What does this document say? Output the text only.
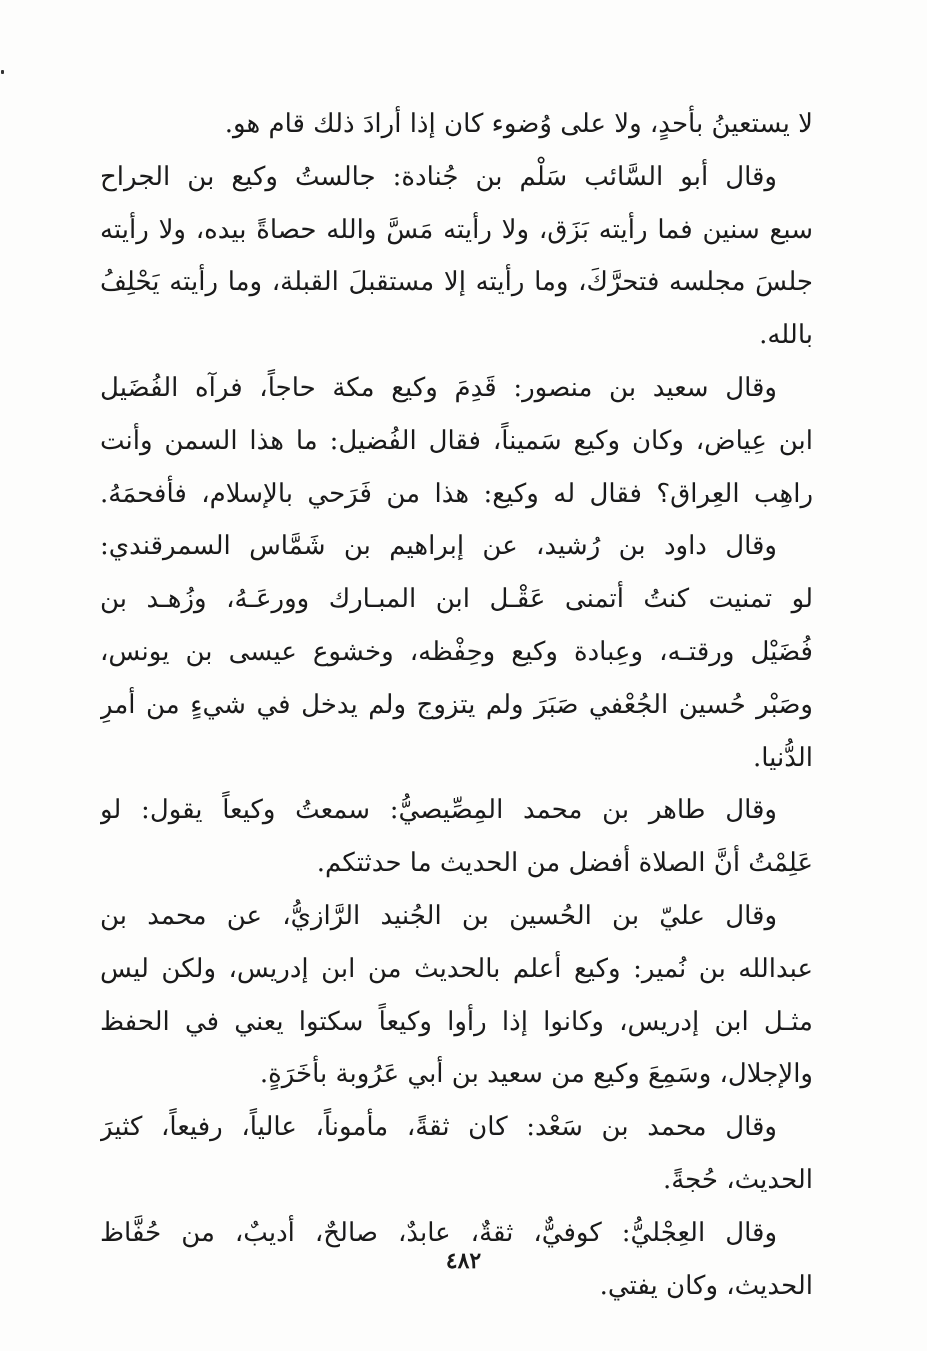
لا يستعينُ بأحدٍ، ولا على وُضوء كان إذا أرادَ ذلك قام هو.
وقال أبو السَّائب سَلْم بن جُنادة: جالستُ وكيع بن الجراح
سبع سنين فما رأيته بَزَق، ولا رأيته مَسَّ والله حصاةً بيده، ولا رأيته
جلسَ مجلسه فتحرَّكَ، وما رأيته إلا مستقبلَ القبلة، وما رأيته يَحْلِفُ
بالله.
وقال سعيد بن منصور: قَدِمَ وكيع مكة حاجاً، فرآه الفُضَيل
ابن عِياض، وكان وكيع سَميناً، فقال الفُضيل: ما هذا السمن وأنت
راهِب العِراق؟ فقال له وكيع: هذا من فَرَحي بالإسلام، فأفحمَهُ.
وقال داود بن رُشيد، عن إبراهيم بن شَمَّاس السمرقندي:
لو تمنيت كنتُ أتمنى عَقْـل ابن المبـارك وورعَـهُ، وزُهـد بن
فُضَيْل ورقتـه، وعِبادة وكيع وحِفْظه، وخشوع عيسى بن يونس،
وصَبْر حُسين الجُعْفي صَبَرَ ولم يتزوج ولم يدخل في شيءٍ من أمرِ
الدُّنيا.
وقال طاهر بن محمد المِصِّيصيُّ: سمعتُ وكيعاً يقول: لو
عَلِمْتُ أنَّ الصلاة أفضل من الحديث ما حدثتكم.
وقال عليّ بن الحُسين بن الجُنيد الرَّازيُّ، عن محمد بن
عبدالله بن نُمير: وكيع أعلم بالحديث من ابن إدريس، ولكن ليس
مثـل ابن إدريس، وكانوا إذا رأوا وكيعاً سكتوا يعني في الحفظ
والإجلال، وسَمِعَ وكيع من سعيد بن أبي عَرُوبة بأخَرَةٍ.
وقال محمد بن سَعْد: كان ثقةً، مأموناً، عالياً، رفيعاً، كثيرَ
الحديث، حُجةً.
وقال العِجْليُّ: كوفيٌّ، ثقةٌ، عابدٌ، صالحٌ، أديبٌ، من حُفَّاظ
الحديث، وكان يفتي.
٤٨٢
